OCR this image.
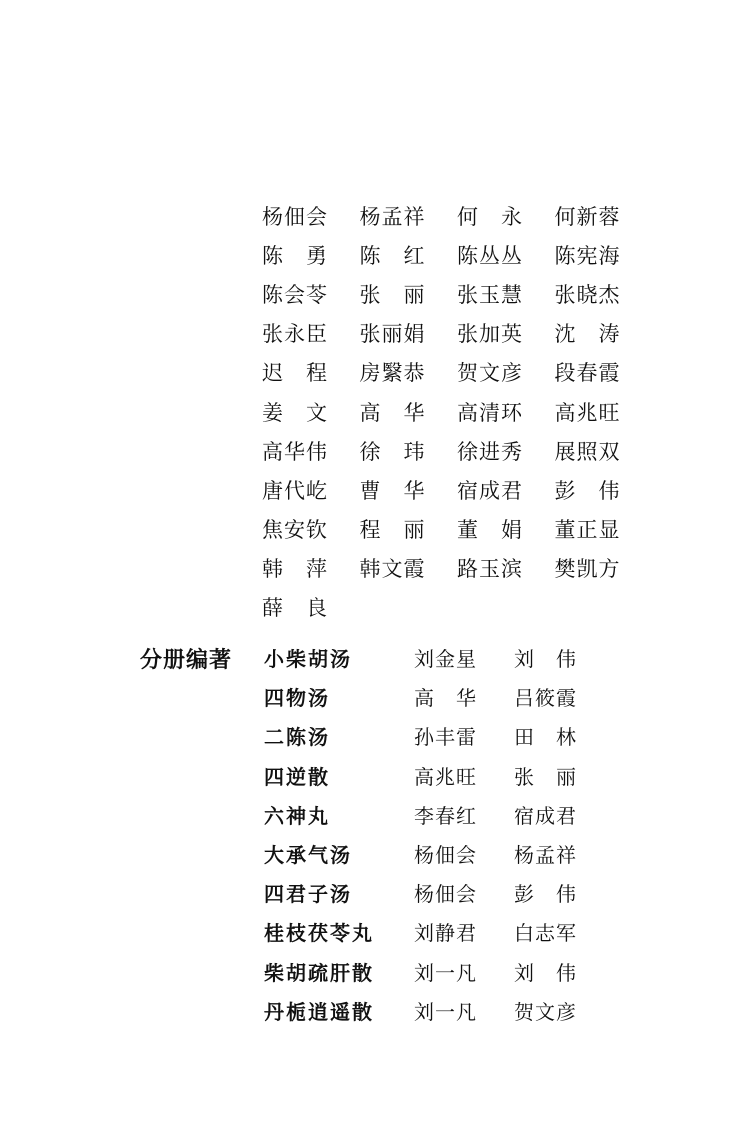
杨佃会	杨孟祥	何　永	何新蓉
陈　勇	陈　红	陈丛丛	陈宪海
陈会苓	张　丽	张玉慧	张晓杰
张永臣	张丽娟	张加英	沈　涛
迟　程	房繄恭	贺文彦	段春霞
姜　文	高　华	高清环	高兆旺
高华伟	徐　玮	徐进秀	展照双
唐代屹	曹　华	宿成君	彭　伟
焦安钦	程　丽	董　娟	董正显
韩　萍	韩文霞	路玉滨	樊凯方
薛　良
分册编著 小柴胡汤	刘金星	刘　伟
四物汤	高　华	吕筱霞
二陈汤	孙丰雷	田　林
四逆散	高兆旺	张　丽
六神丸	李春红	宿成君
大承气汤	杨佃会	杨孟祥
四君子汤	杨佃会	彭　伟
桂枝茯苓丸	刘静君	白志军
柴胡疏肝散	刘一凡	刘　伟
丹栀逍遥散	刘一凡	贺文彦
